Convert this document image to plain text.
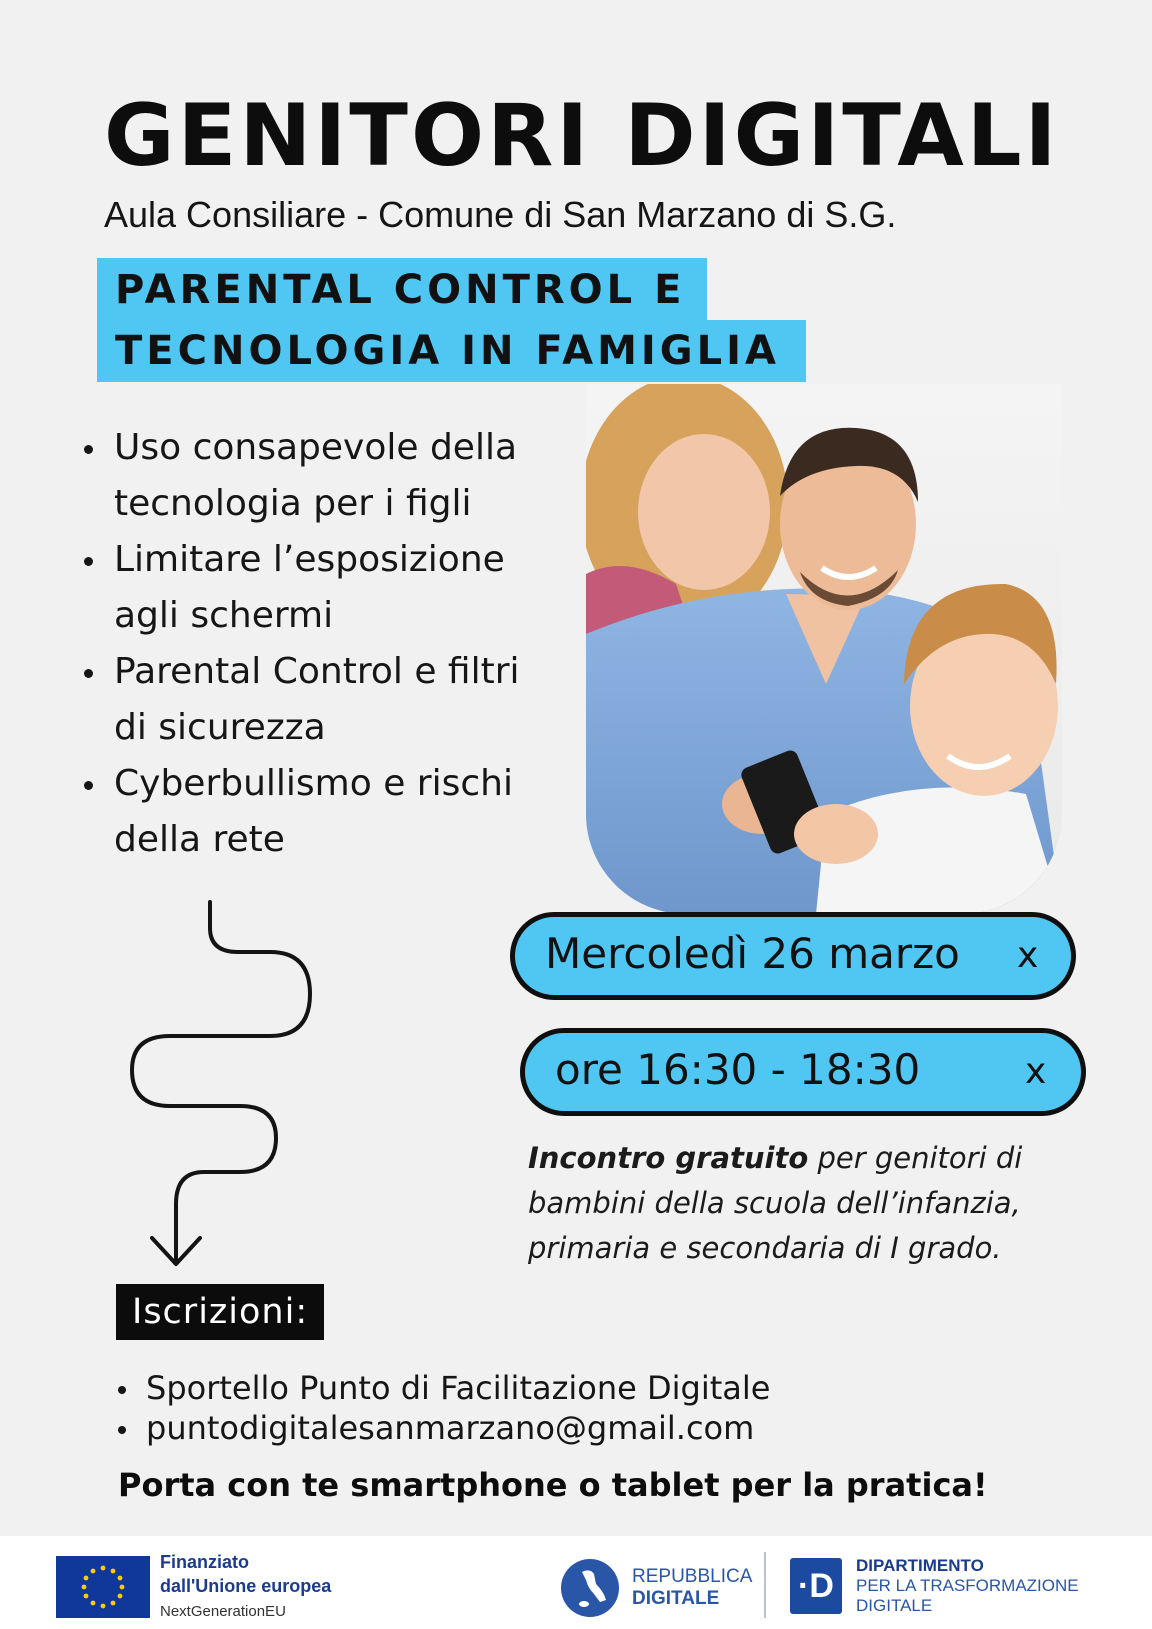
GENITORI DIGITALI
Aula Consiliare - Comune di San Marzano di S.G.
PARENTAL CONTROL E
TECNOLOGIA IN FAMIGLIA
Uso consapevole della tecnologia per i figli
Limitare l’esposizione agli schermi
Parental Control e filtri di sicurezza
Cyberbullismo e rischi della rete
Mercoledì 26 marzo x
ore 16:30 - 18:30	x
Incontro gratuito per genitori di bambini della scuola dell’infanzia, primaria e secondaria di I grado.
Iscrizioni:
Sportello Punto di Facilitazione Digitale
puntodigitalesanmarzano@gmail.com
Porta con te smartphone o tablet per la pratica!
Finanziato
dall'Unione europea
NextGenerationEU
REPUBBLICA
DIGITALE ·D
DIPARTIMENTO
PER LA TRASFORMAZIONE
DIGITALE
